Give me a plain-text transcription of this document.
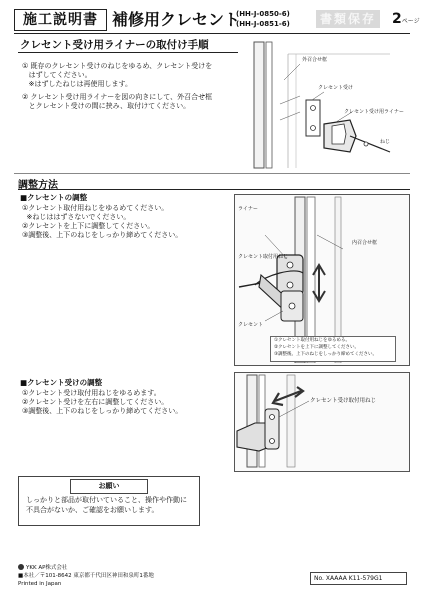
施工説明書 補修用クレセント
(HH-J-0850-6)
(HH-J-0851-6)	書類保存 2ページ
クレセント受け用ライナーの取付け手順
① 既存のクレセント受けのねじをゆるめ、クレセント受けを
はずしてください。
※はずしたねじは再使用します。
② クレセント受け用ライナーを図の向きにして、外召合せ框
とクレセント受けの間に挟み、取付けてください。
外召合せ框
クレセント受け
クレセント受け用ライナー
ねじ
調整方法
■クレセントの調整
①クレセント取付用ねじをゆるめてください。
※ねじははずさないでください。
②クレセントを上下に調整してください。
③調整後、上下のねじをしっかり締めてください。
ライナー
内召合せ框
クレセント取付用ねじ
クレセント
①クレセント取付用ねじをゆるめる。
②クレセントを上下に調整してください。
③調整後、上下のねじをしっかり締めてください。
■クレセント受けの調整
①クレセント受け取付用ねじをゆるめます。
②クレセント受けを左右に調整してください。
③調整後、上下のねじをしっかり締めてください。
クレセント受け取付用ねじ
お願い
しっかりと部品が取付いていること、操作や作動に
不具合がないか、ご確認をお願いします。
YKK AP株式会社
■本社／〒101-8642 東京都千代田区神田和泉町1番地
Printed in Japan
No. XAAAA K11-579G1
